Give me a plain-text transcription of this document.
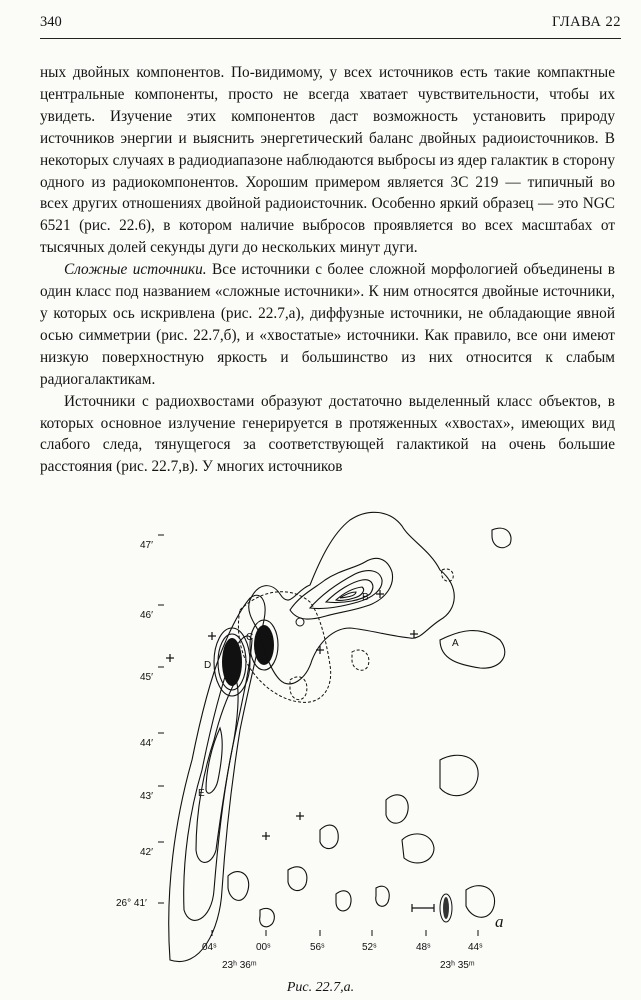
340	ГЛАВА 22

ных двойных компонентов. По-видимому, у всех источников есть такие компактные центральные компоненты, просто не всегда хватает чувствительности, чтобы их увидеть. Изучение этих компонентов даст возможность установить природу источников энергии и выяснить энергетический баланс двойных радиоисточников. В некоторых случаях в радиодиапазоне наблюдаются выбросы из ядер галактик в сторону одного из радиокомпонентов. Хорошим примером является 3C 219 — типичный во всех других отношениях двойной радиоисточник. Особенно яркий образец — это NGC 6521 (рис. 22.6), в котором наличие выбросов проявляется во всех масштабах от тысячных долей секунды дуги до нескольких минут дуги.

Сложные источники. Все источники с более сложной морфологией объединены в один класс под названием «сложные источники». К ним относятся двойные источники, у которых ось искривлена (рис. 22.7,а), диффузные источники, не обладающие явной осью симметрии (рис. 22.7,б), и «хвостатые» источники. Как правило, все они имеют низкую поверхностную яркость и большинство из них относится к слабым радиогалактикам.

Источники с радиохвостами образуют достаточно выделенный класс объектов, в которых основное излучение генерируется в протяженных «хвостах», имеющих вид слабого следа, тянущегося за соответствующей галактикой на очень большие расстояния (рис. 22.7,в). У многих источников

47′
46′
45′
44′
43′
42′
26° 41′
04ˢ	00ˢ	56ˢ	52ˢ	48ˢ	44ˢ
23ʰ 36ᵐ	23ʰ 35ᵐ
A
B
C
D
E
а
Рис. 22.7,а.
